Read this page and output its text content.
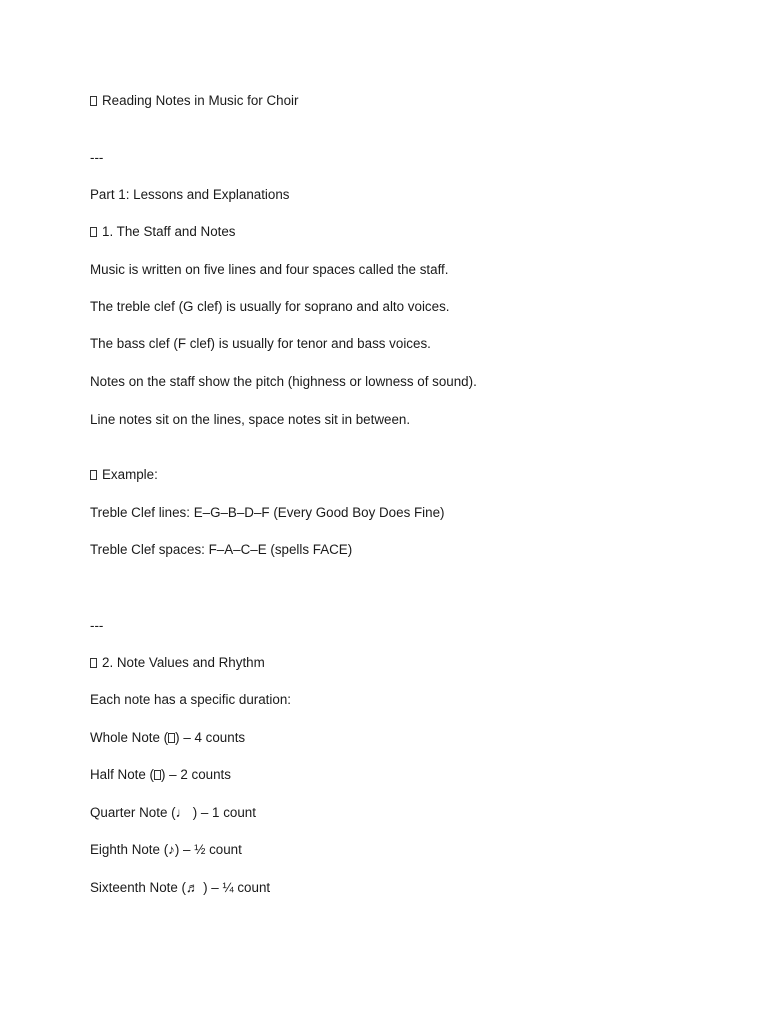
Reading Notes in Music for Choir

---

Part 1: Lessons and Explanations

1. The Staff and Notes

Music is written on five lines and four spaces called the staff.

The treble clef (G clef) is usually for soprano and alto voices.

The bass clef (F clef) is usually for tenor and bass voices.

Notes on the staff show the pitch (highness or lowness of sound).

Line notes sit on the lines, space notes sit in between.

Example:

Treble Clef lines: E–G–B–D–F (Every Good Boy Does Fine)

Treble Clef spaces: F–A–C–E (spells FACE)

---

2. Note Values and Rhythm

Each note has a specific duration:

Whole Note ( ) – 4 counts

Half Note ( ) – 2 counts

Quarter Note (♩ ) – 1 count

Eighth Note (♪) – ½ count

Sixteenth Note (♬ ) – ¼ count
